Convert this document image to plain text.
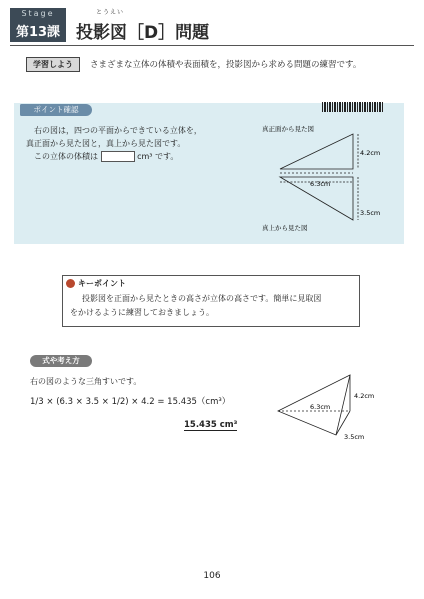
Stage
第13課
とうえい
投影図［D］問題
学習しよう	さまざまな立体の体積や表面積を，投影図から求める問題の練習です。
ポイント確認
右の図は，四つの平面からできている立体を，
真正面から見た図と，真上から見た図です。
この立体の体積は	cm³ です。
真正面から見た図
4.2cm
6.3cm
3.5cm
真上から見た図
キーポイント
投影図を正面から見たときの高さが立体の高さです。簡単に見取図
をかけるように練習しておきましょう。
式や考え方
右の図のような三角すいです。
1/3 × (6.3 × 3.5 × 1/2) × 4.2 = 15.435（cm³）
15.435 cm³
4.2cm
6.3cm
3.5cm
106
